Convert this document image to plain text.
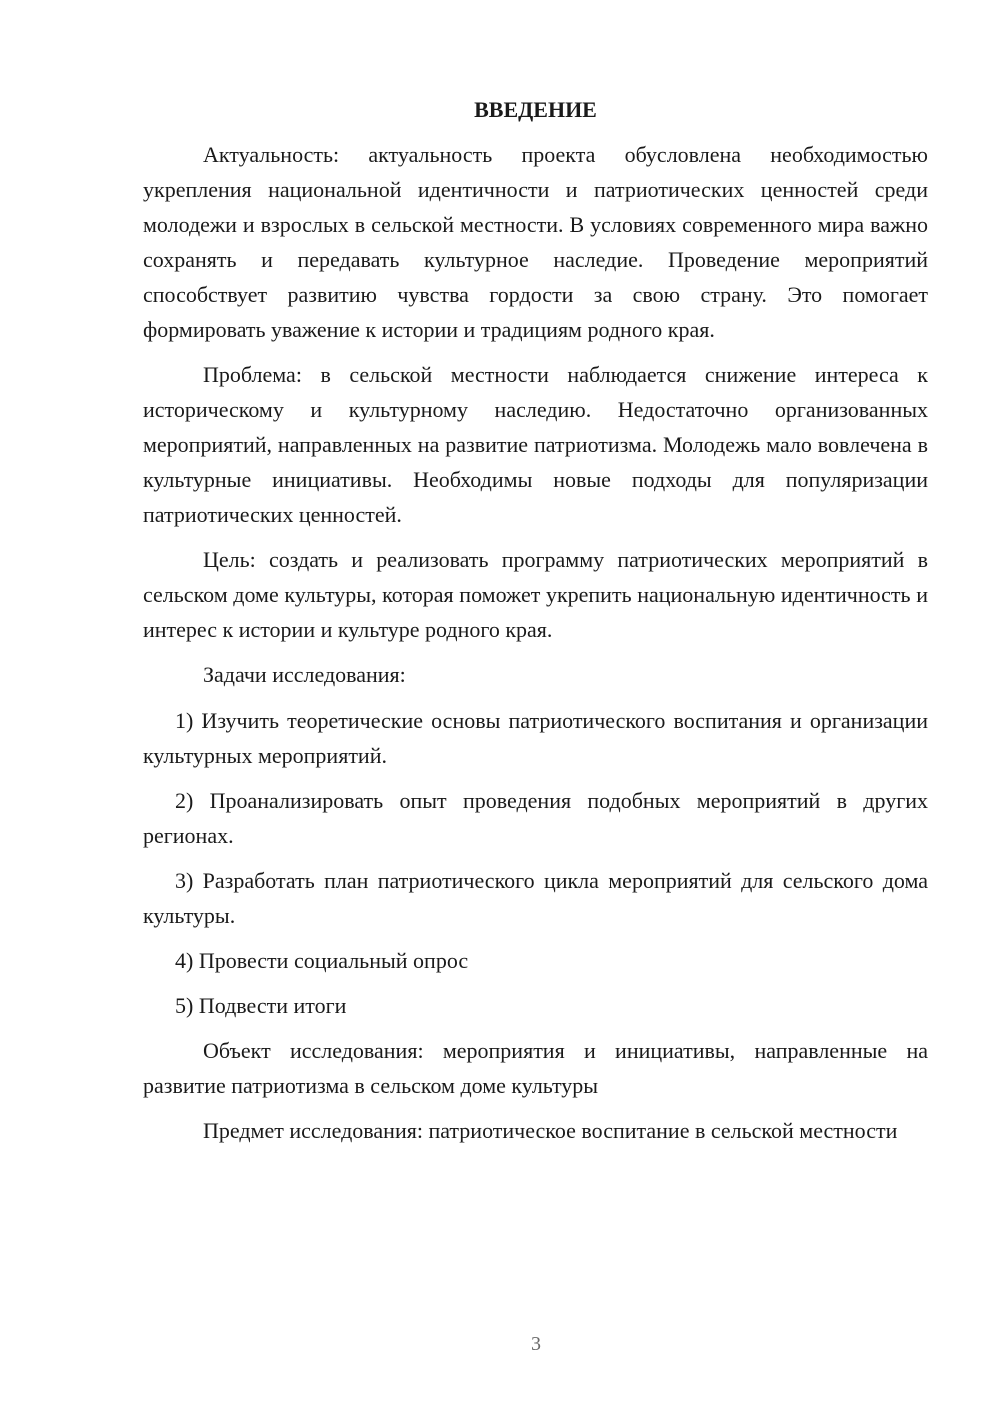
ВВЕДЕНИЕ

Актуальность: актуальность проекта обусловлена необходимостью укрепления национальной идентичности и патриотических ценностей среди молодежи и взрослых в сельской местности. В условиях современного мира важно сохранять и передавать культурное наследие. Проведение мероприятий способствует развитию чувства гордости за свою страну. Это помогает формировать уважение к истории и традициям родного края.

Проблема: в сельской местности наблюдается снижение интереса к историческому и культурному наследию. Недостаточно организованных мероприятий, направленных на развитие патриотизма. Молодежь мало вовлечена в культурные инициативы. Необходимы новые подходы для популяризации патриотических ценностей.

Цель: создать и реализовать программу патриотических мероприятий в сельском доме культуры, которая поможет укрепить национальную идентичность и интерес к истории и культуре родного края.

Задачи исследования:

1) Изучить теоретические основы патриотического воспитания и организации культурных мероприятий.

2) Проанализировать опыт проведения подобных мероприятий в других регионах.

3) Разработать план патриотического цикла мероприятий для сельского дома культуры.

4) Провести социальный опрос

5) Подвести итоги

Объект исследования: мероприятия и инициативы, направленные на развитие патриотизма в сельском доме культуры

Предмет исследования: патриотическое воспитание в сельской местности

3
